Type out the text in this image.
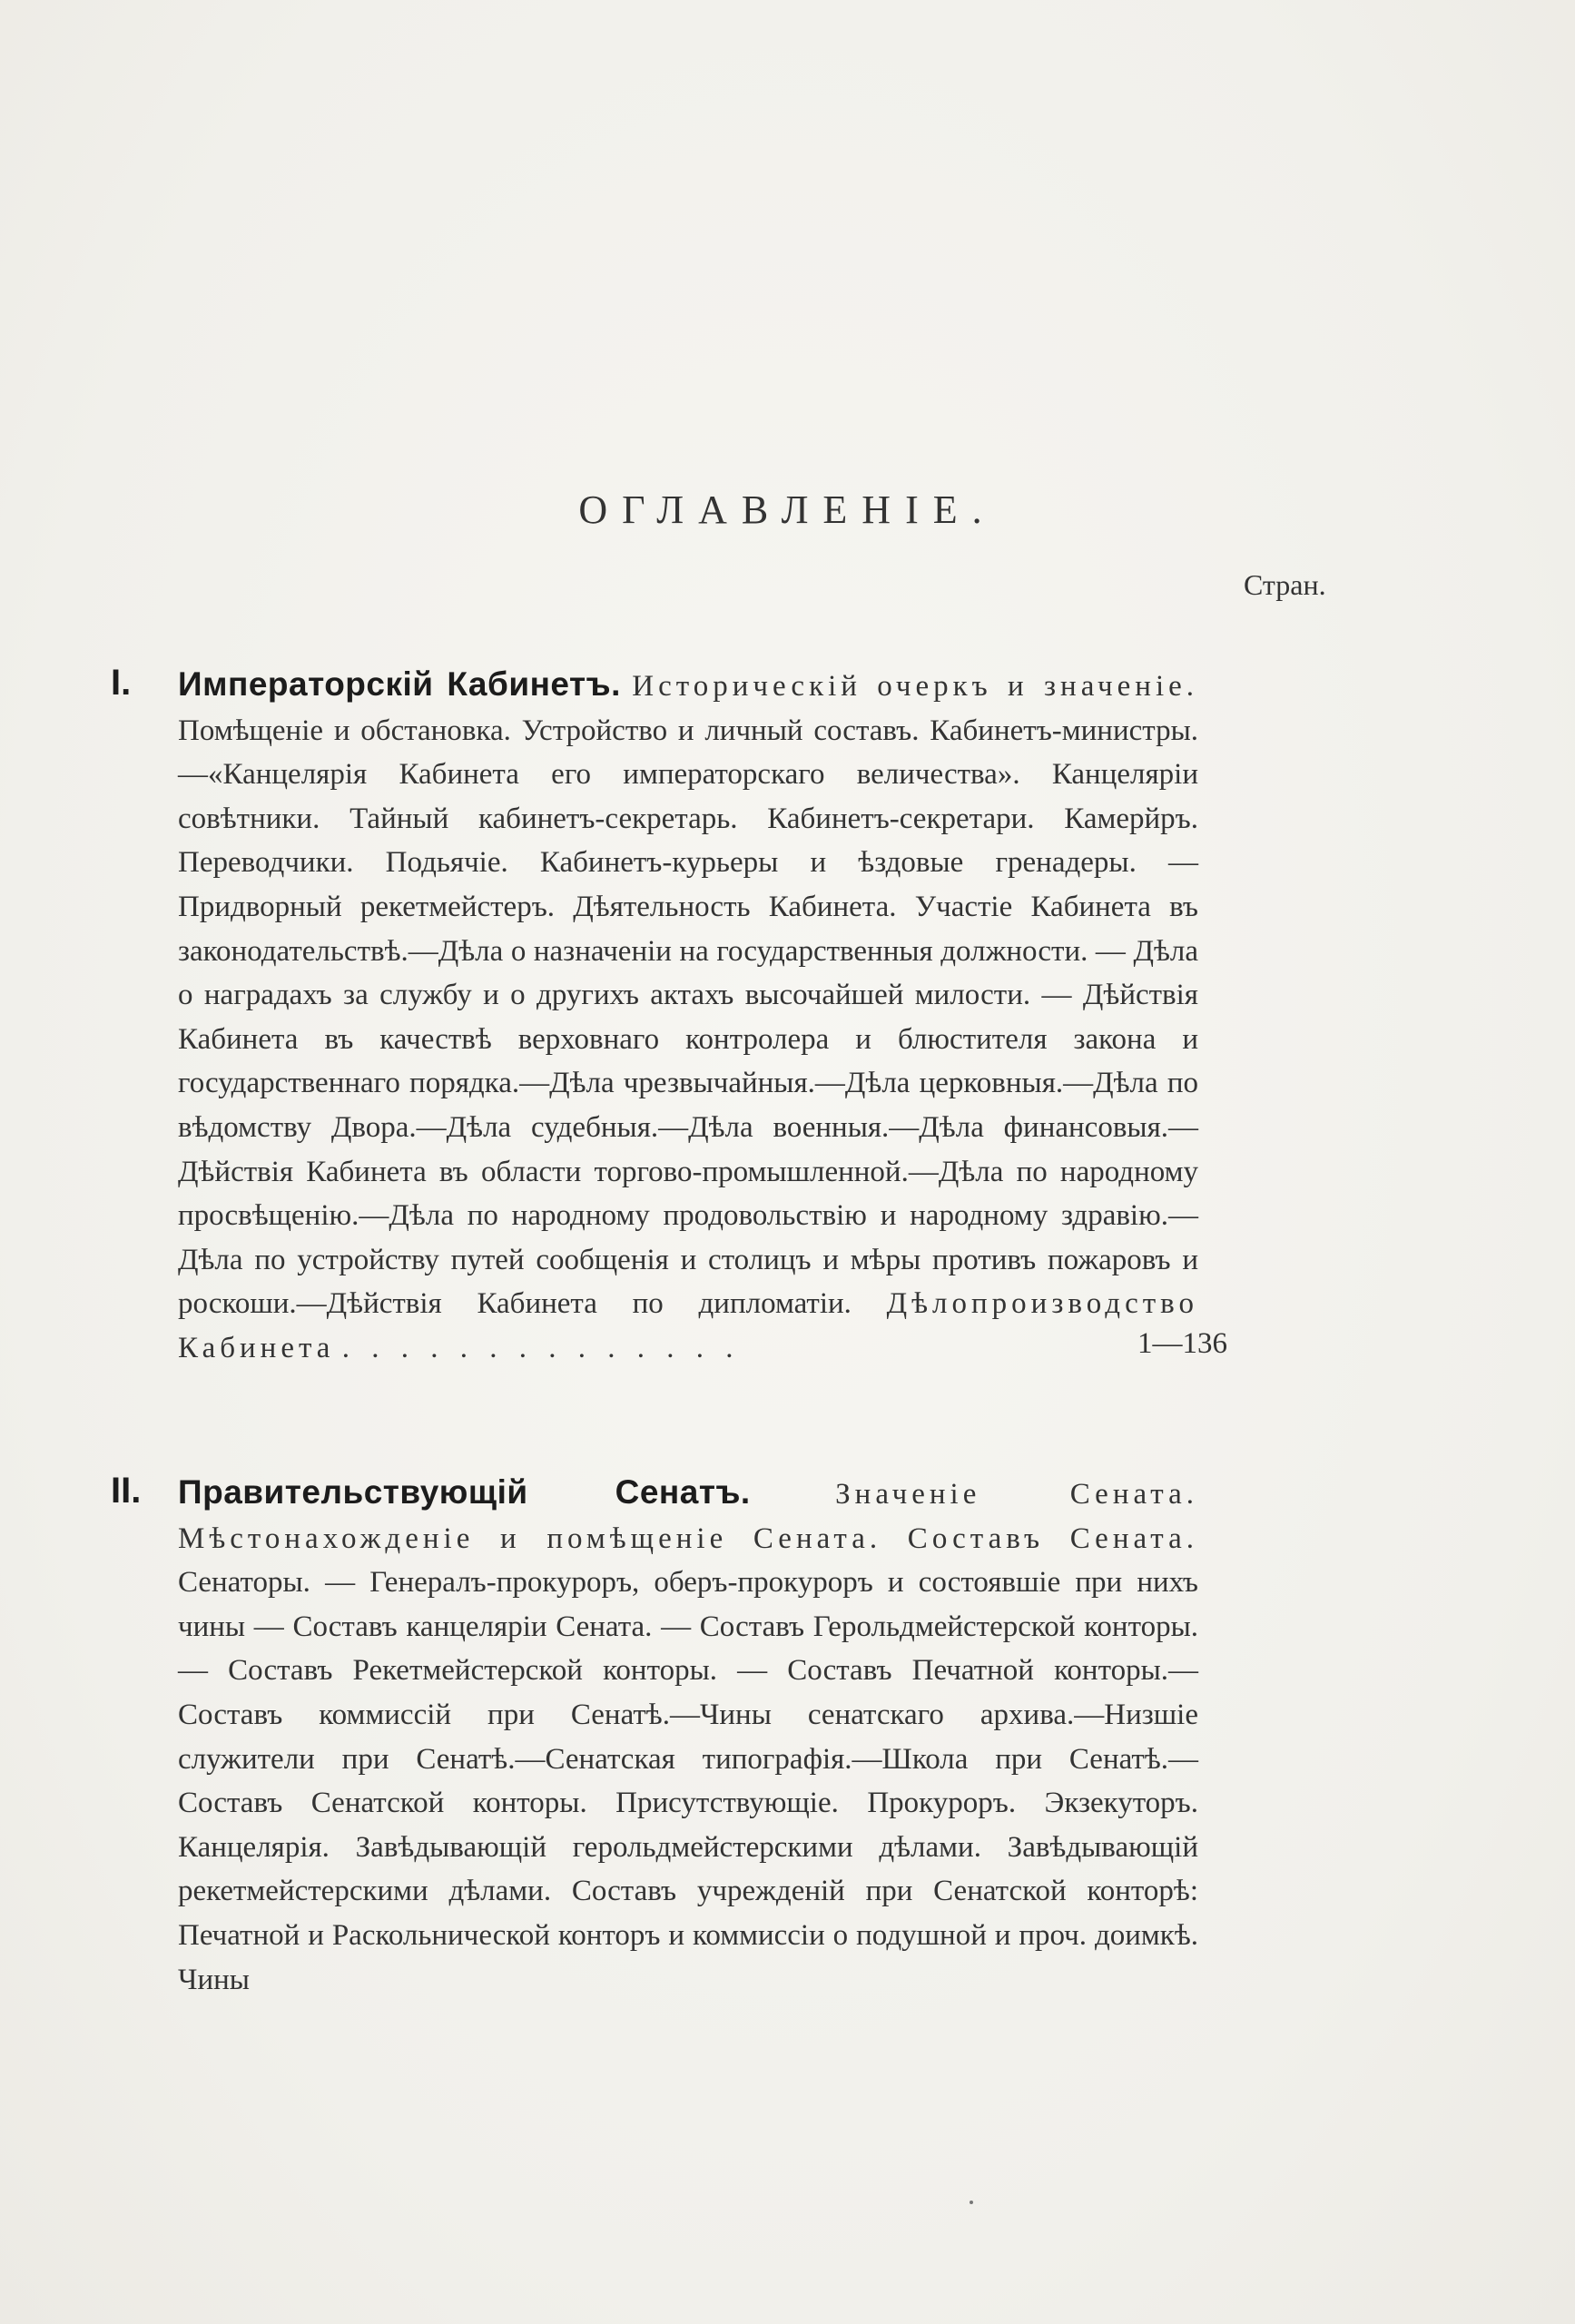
ОГЛАВЛЕНІЕ.
Стран.
I. Императорскій Кабинетъ. Историческій очеркъ и значеніе. Помѣщеніе и обстановка. Устройство и личный составъ. Кабинетъ-министры.—«Канцелярія Кабинета его императорскаго величества». Канцеляріи совѣтники. Тайный кабинетъ-секретарь. Кабинетъ-секретари. Камерйръ. Переводчики. Подьячіе. Кабинетъ-курьеры и ѣздовые гренадеры. — Придворный рекетмейстеръ. Дѣятельность Кабинета. Участіе Кабинета въ законодательствѣ.—Дѣла о назначеніи на государственныя должности. — Дѣла о наградахъ за службу и о другихъ актахъ высочайшей милости. — Дѣйствія Кабинета въ качествѣ верховнаго контролера и блюстителя закона и государственнаго порядка.—Дѣла чрезвычайныя.—Дѣла церковныя.—Дѣла по вѣдомству Двора.—Дѣла судебныя.—Дѣла военныя.—Дѣла финансовыя.—Дѣйствія Кабинета въ области торгово-промышленной.—Дѣла по народному просвѣщенію.—Дѣла по народному продовольствію и народному здравію.—Дѣла по устройству путей сообщенія и столицъ и мѣры противъ пожаровъ и роскоши.—Дѣйствія Кабинета по дипломатіи. Дѣлопроизводство Кабинета . . . . . . . . . . . . . .	1—136
II. Правительствующій Сенатъ.	Значеніе Сената. Мѣстонахожденіе и помѣщеніе Сената. Составъ Сената. Сенаторы. — Генералъ-прокуроръ, оберъ-прокуроръ и состоявшіе при нихъ чины — Составъ канцеляріи Сената. — Составъ Герольдмейстерской конторы. — Составъ Рекетмейстерской конторы. — Составъ Печатной конторы.—Составъ коммиссій при Сенатѣ.—Чины сенатскаго архива.—Низшіе служители при Сенатѣ.—Сенатская типографія.—Школа при Сенатѣ.—Составъ Сенатской конторы. Присутствующіе. Прокуроръ. Экзекуторъ. Канцелярія. Завѣдывающій герольдмейстерскими дѣлами. Завѣдывающій рекетмейстерскими дѣлами. Составъ учрежденій при Сенатской конторѣ: Печатной и Раскольнической конторъ и коммиссіи о подушной и проч. доимкѣ. Чины
